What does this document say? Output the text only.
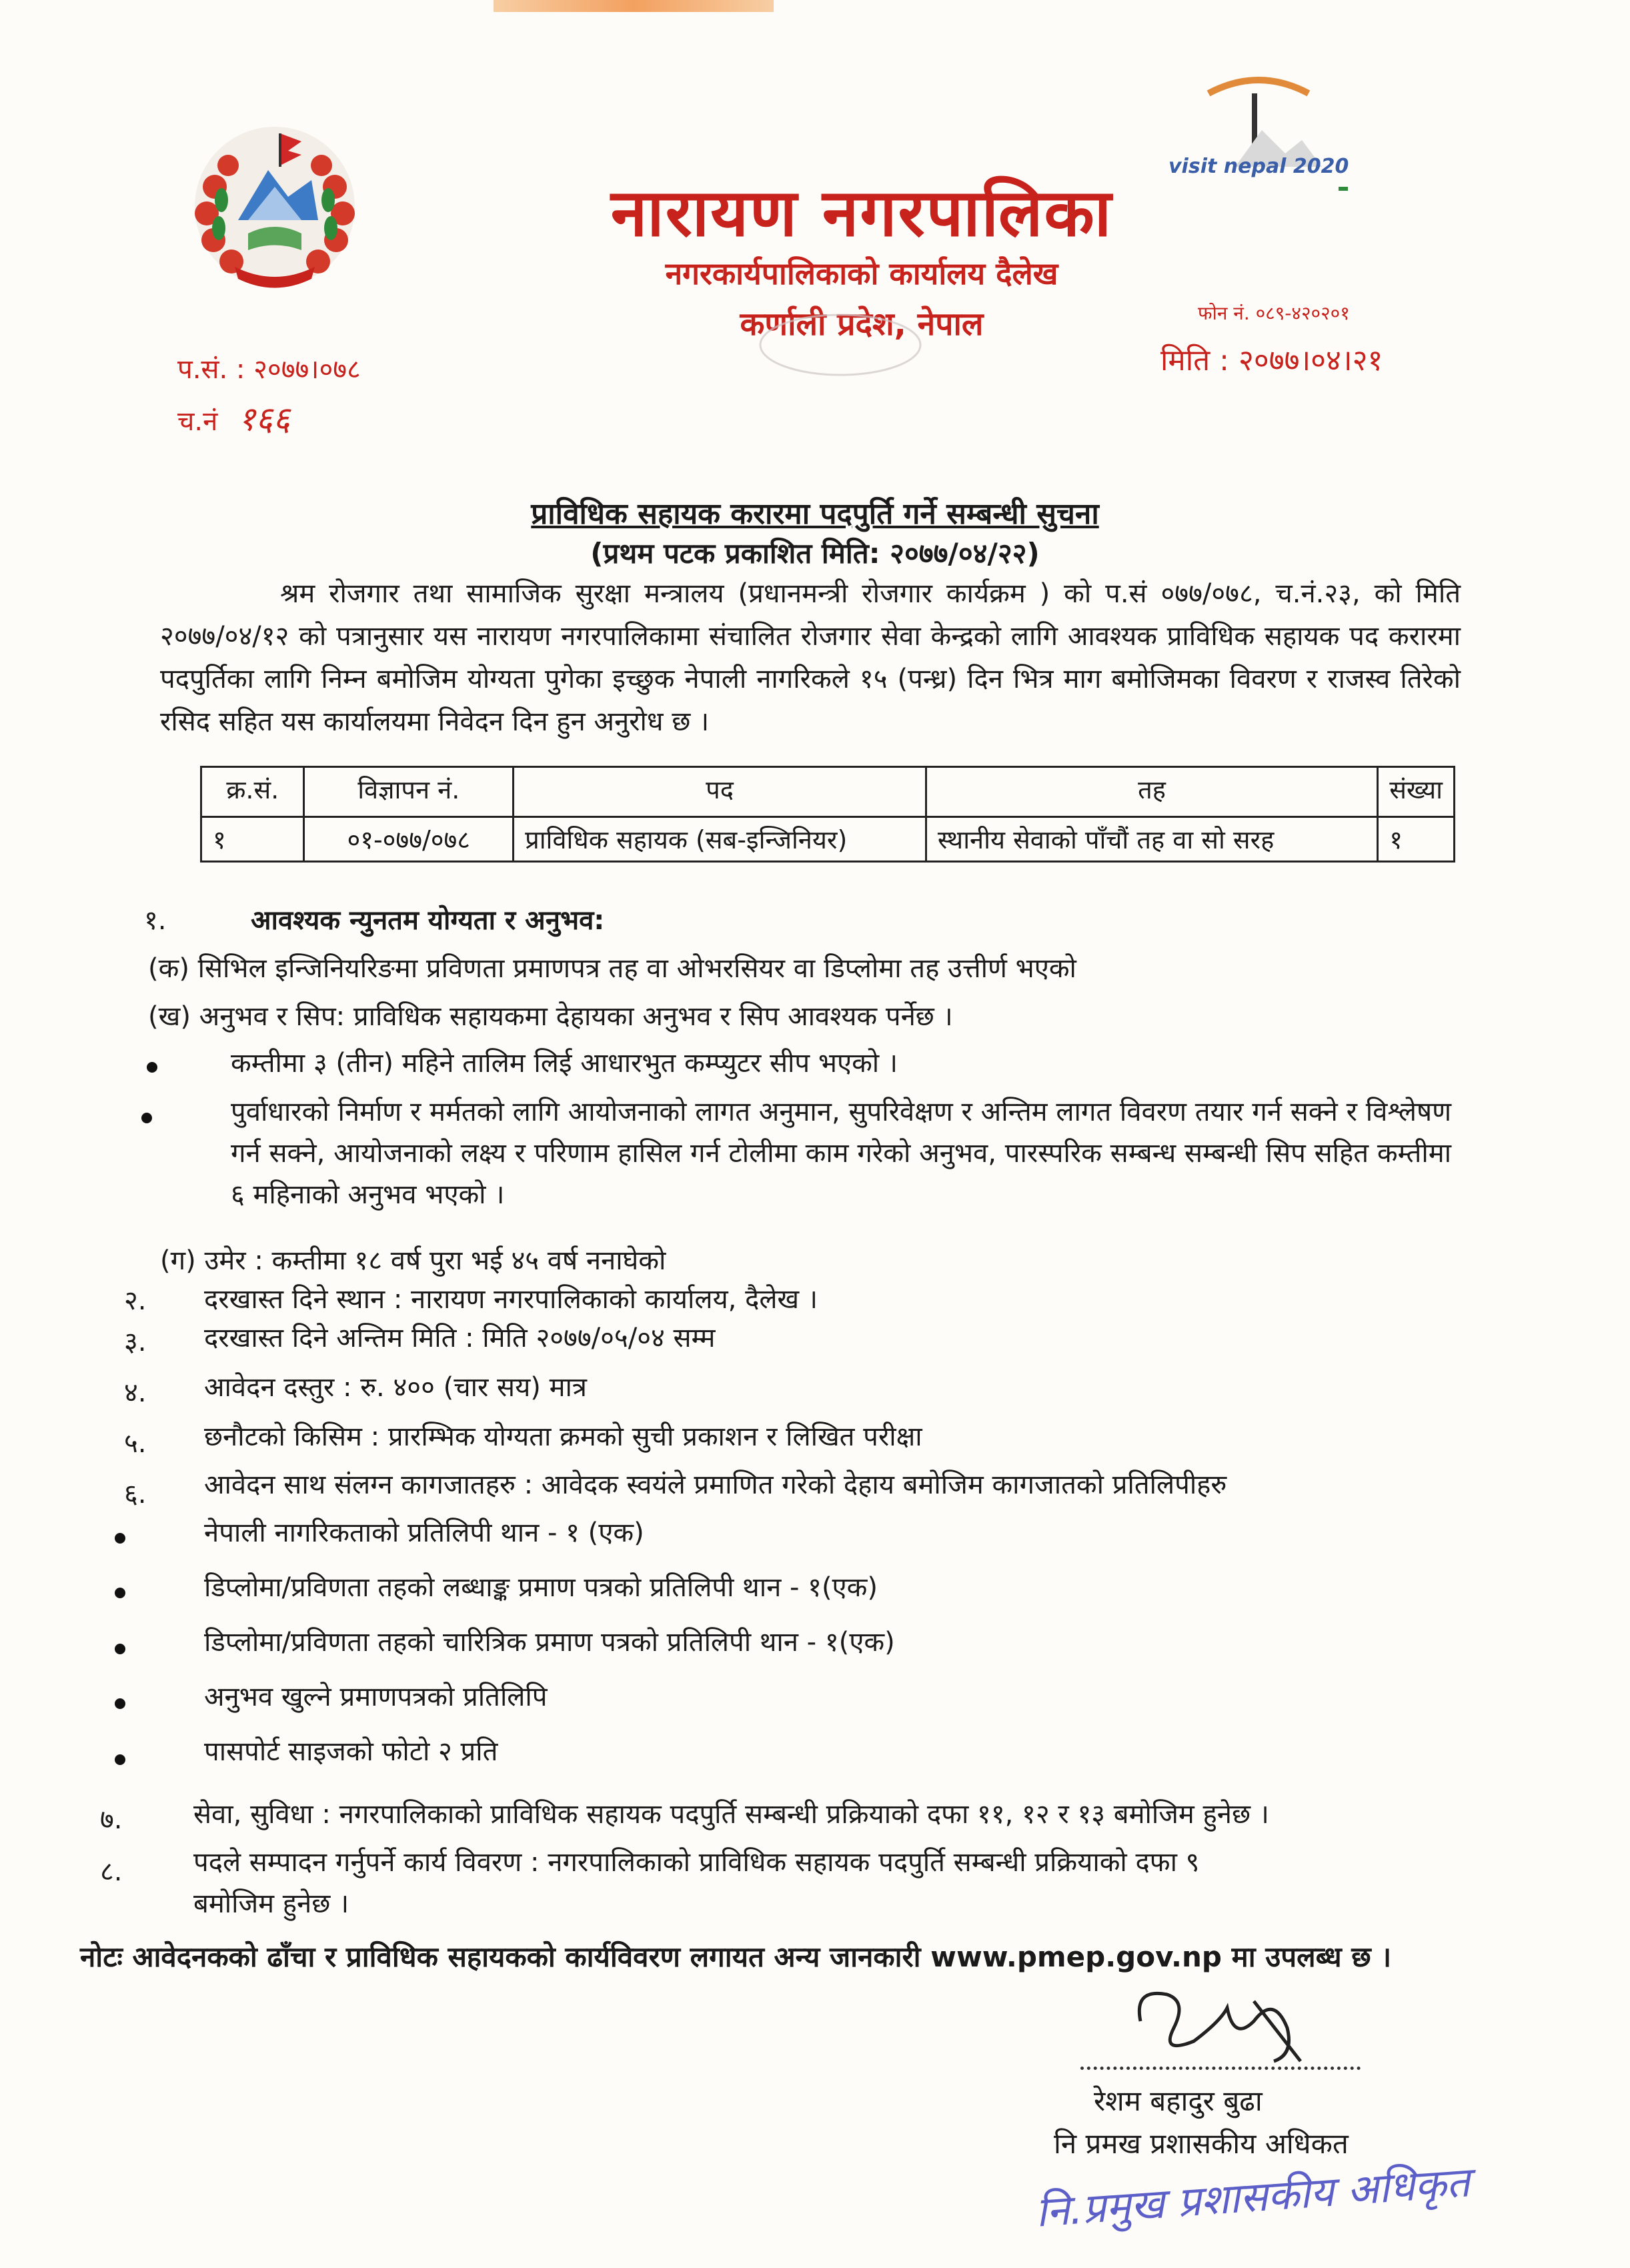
नारायण नगरपालिका
नगरकार्यपालिकाको कार्यालय दैलेख
कर्णाली प्रदेश, नेपाल
visit nepal 2020
फोन नं. ०८९-४२०२०१
मिति : २०७७।०४।२१
प.सं. : २०७७।०७८
च.नं १६६
प्राविधिक सहायक करारमा पदपुर्ति गर्ने सम्बन्धी सुचना
(प्रथम पटक प्रकाशित मिति: २०७७/०४/२२)
श्रम रोजगार तथा सामाजिक सुरक्षा मन्त्रालय (प्रधानमन्त्री रोजगार कार्यक्रम ) को प.सं ०७७/०७८, च.नं.२३, को मिति २०७७/०४/१२ को पत्रानुसार यस नारायण नगरपालिकामा संचालित रोजगार सेवा केन्द्रको लागि आवश्यक प्राविधिक सहायक पद करारमा पदपुर्तिका लागि निम्न बमोजिम योग्यता पुगेका इच्छुक नेपाली नागरिकले १५ (पन्ध्र) दिन भित्र माग बमोजिमका विवरण र राजस्व तिरेको रसिद सहित यस कार्यालयमा निवेदन दिन हुन अनुरोध छ ।
क्र.सं.	विज्ञापन नं.	पद	तह	संख्या
१	०१-०७७/०७८	प्राविधिक सहायक (सब-इन्जिनियर)	स्थानीय सेवाको पाँचौं तह वा सो सरह	१
१.	आवश्यक न्युनतम योग्यता र अनुभव:
(क) सिभिल इन्जिनियरिङमा प्रविणता प्रमाणपत्र तह वा ओभरसियर वा डिप्लोमा तह उत्तीर्ण भएको
(ख) अनुभव र सिप: प्राविधिक सहायकमा देहायका अनुभव र सिप आवश्यक पर्नेछ ।
कम्तीमा ३ (तीन) महिने तालिम लिई आधारभुत कम्प्युटर सीप भएको ।
पुर्वाधारको निर्माण र मर्मतको लागि आयोजनाको लागत अनुमान, सुपरिवेक्षण र अन्तिम लागत विवरण तयार गर्न सक्ने र विश्लेषण गर्न सक्ने, आयोजनाको लक्ष्य र परिणाम हासिल गर्न टोलीमा काम गरेको अनुभव, पारस्परिक सम्बन्ध सम्बन्धी सिप सहित कम्तीमा ६ महिनाको अनुभव भएको ।
(ग) उमेर : कम्तीमा १८ वर्ष पुरा भई ४५ वर्ष ननाघेको
२. दरखास्त दिने स्थान : नारायण नगरपालिकाको कार्यालय, दैलेख ।
३. दरखास्त दिने अन्तिम मिति : मिति २०७७/०५/०४ सम्म
४. आवेदन दस्तुर : रु. ४०० (चार सय) मात्र
५. छनौटको किसिम : प्रारम्भिक योग्यता क्रमको सुची प्रकाशन र लिखित परीक्षा
६. आवेदन साथ संलग्न कागजातहरु : आवेदक स्वयंले प्रमाणित गरेको देहाय बमोजिम कागजातको प्रतिलिपीहरु
नेपाली नागरिकताको प्रतिलिपी थान - १ (एक)
डिप्लोमा/प्रविणता तहको लब्धाङ्क प्रमाण पत्रको प्रतिलिपी थान - १(एक)
डिप्लोमा/प्रविणता तहको चारित्रिक प्रमाण पत्रको प्रतिलिपी थान - १(एक)
अनुभव खुल्ने प्रमाणपत्रको प्रतिलिपि
पासपोर्ट साइजको फोटो २ प्रति
७.	सेवा, सुविधा : नगरपालिकाको प्राविधिक सहायक पदपुर्ति सम्बन्धी प्रक्रियाको दफा ११, १२ र १३ बमोजिम हुनेछ ।
८.	पदले सम्पादन गर्नुपर्ने कार्य विवरण : नगरपालिकाको प्राविधिक सहायक पदपुर्ति सम्बन्धी प्रक्रियाको दफा ९
बमोजिम हुनेछ ।
नोटः आवेदनकको ढाँचा र प्राविधिक सहायकको कार्यविवरण लगायत अन्य जानकारी www.pmep.gov.np मा उपलब्ध छ ।
रेशम बहादुर बुढा
नि प्रमख प्रशासकीय अधिकत
नि.प्रमुख प्रशासकीय अधिकृत
